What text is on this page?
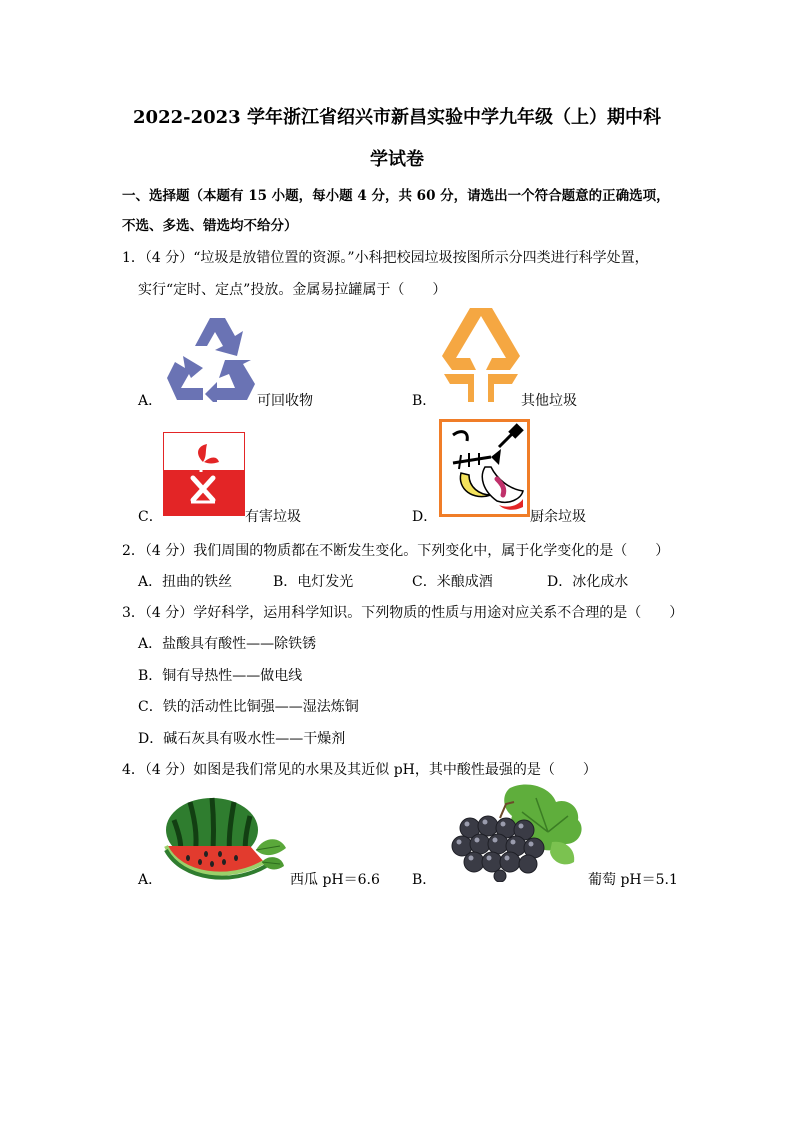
2022-2023 学年浙江省绍兴市新昌实验中学九年级（上）期中科
学试卷
一、选择题（本题有 15 小题，每小题 4 分，共 60 分，请选出一个符合题意的正确选项，
不选、多选、错选均不给分）
1．（4 分）“垃圾是放错位置的资源。”小科把校园垃圾按图所示分四类进行科学处置，
实行“定时、定点”投放。金属易拉罐属于（　　）
A．	可回收物	B．	其他垃圾
C．	有害垃圾	D．	厨余垃圾
2．（4 分）我们周围的物质都在不断发生变化。下列变化中，属于化学变化的是（　　）
A．扭曲的铁丝	B．电灯发光	C．米酿成酒	D．冰化成水
3．（4 分）学好科学，运用科学知识。下列物质的性质与用途对应关系不合理的是（　　）
A．盐酸具有酸性——除铁锈
B．铜有导热性——做电线
C．铁的活动性比铜强——湿法炼铜
D．碱石灰具有吸水性——干燥剂
4．（4 分）如图是我们常见的水果及其近似 pH，其中酸性最强的是（　　）
A．	西瓜 pH＝6.6 B．	葡萄 pH＝5.1
